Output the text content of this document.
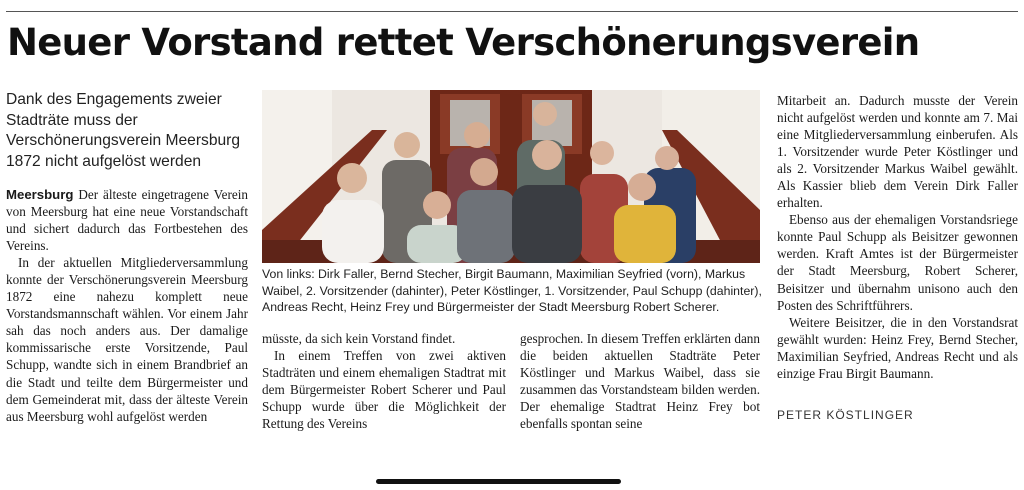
Neuer Vorstand rettet Verschönerungsverein

Dank des Engagements zweier Stadträte muss der Verschönerungsverein Meersburg 1872 nicht aufgelöst werden

Meersburg Der älteste eingetragene Verein von Meersburg hat eine neue Vorstandschaft und sichert dadurch das Fortbestehen des Vereins.

In der aktuellen Mitgliederversammlung konnte der Verschönerungsverein Meersburg 1872 eine nahezu komplett neue Vorstandsmannschaft wählen. Vor einem Jahr sah das noch anders aus. Der damalige kommissarische erste Vorsitzende, Paul Schupp, wandte sich in einem Brandbrief an die Stadt und teilte dem Bürgermeister und dem Gemeinderat mit, dass der älteste Verein aus Meersburg wohl aufgelöst werden

Von links: Dirk Faller, Bernd Stecher, Birgit Baumann, Maximilian Seyfried (vorn), Markus Waibel, 2. Vorsitzender (dahinter), Peter Köstlinger, 1. Vorsitzender, Paul Schupp (dahinter), Andreas Recht, Heinz Frey und Bürgermeister der Stadt Meersburg Robert Scherer.

müsste, da sich kein Vorstand findet.

In einem Treffen von zwei aktiven Stadträten und einem ehemaligen Stadtrat mit dem Bürgermeister Robert Scherer und Paul Schupp wurde über die Möglichkeit der Rettung des Vereins

gesprochen. In diesem Treffen erklärten dann die beiden aktuellen Stadträte Peter Köstlinger und Markus Waibel, dass sie zusammen das Vorstandsteam bilden werden. Der ehemalige Stadtrat Heinz Frey bot ebenfalls spontan seine

Mitarbeit an. Dadurch musste der Verein nicht aufgelöst werden und konnte am 7. Mai eine Mitgliederversammlung einberufen. Als 1. Vorsitzender wurde Peter Köstlinger und als 2. Vorsitzender Markus Waibel gewählt. Als Kassier blieb dem Verein Dirk Faller erhalten.

Ebenso aus der ehemaligen Vorstandsriege konnte Paul Schupp als Beisitzer gewonnen werden. Kraft Amtes ist der Bürgermeister der Stadt Meersburg, Robert Scherer, Beisitzer und übernahm unisono auch den Posten des Schriftführers.

Weitere Beisitzer, die in den Vorstandsrat gewählt wurden: Heinz Frey, Bernd Stecher, Maximilian Seyfried, Andreas Recht und als einzige Frau Birgit Baumann.

PETER KÖSTLINGER
